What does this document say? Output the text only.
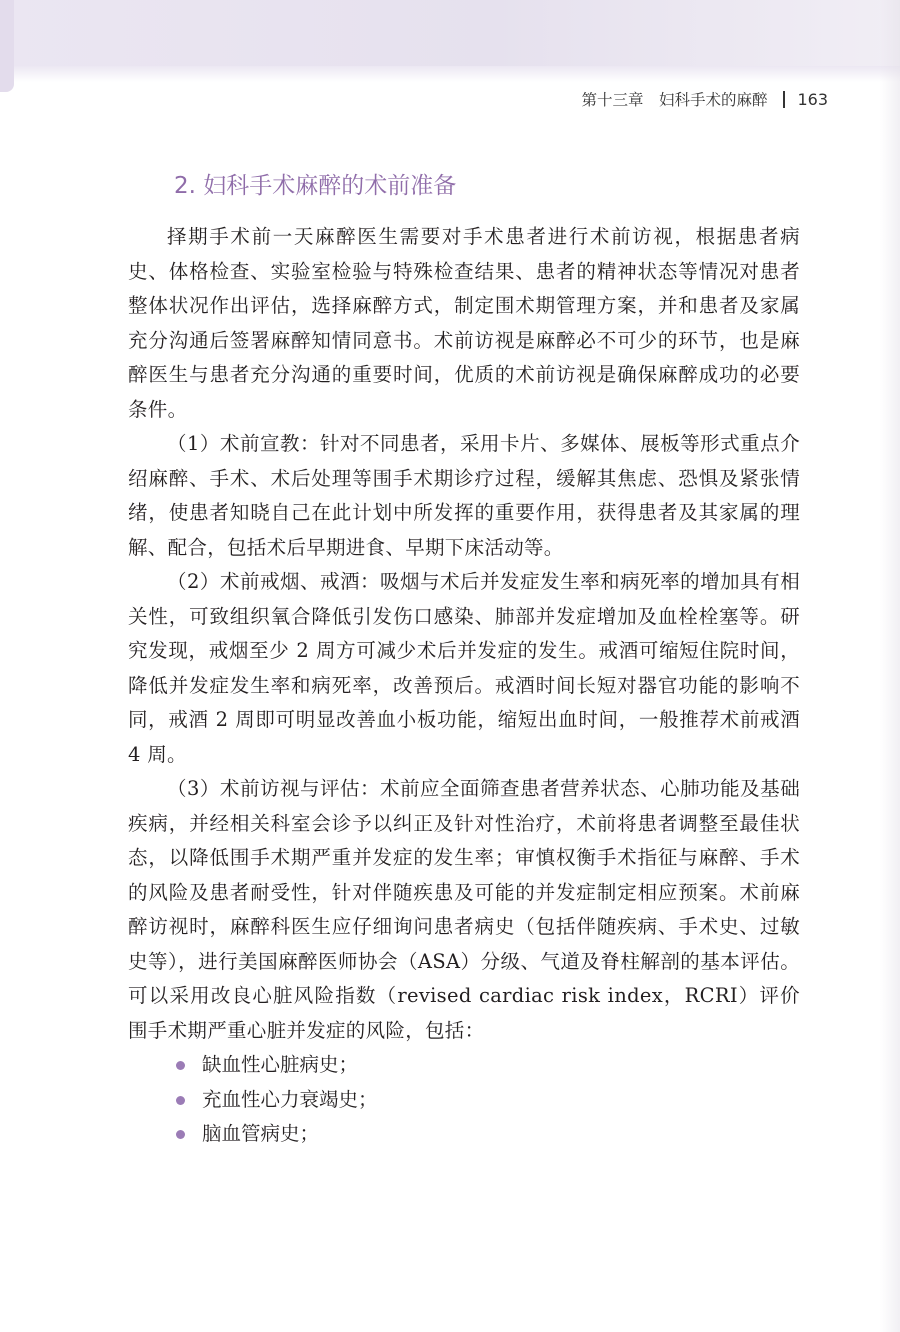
第十三章　妇科手术的麻醉 163
2. 妇科手术麻醉的术前准备

择期手术前一天麻醉医生需要对手术患者进行术前访视，根据患者病史、体格检查、实验室检验与特殊检查结果、患者的精神状态等情况对患者整体状况作出评估，选择麻醉方式，制定围术期管理方案，并和患者及家属充分沟通后签署麻醉知情同意书。术前访视是麻醉必不可少的环节，也是麻醉医生与患者充分沟通的重要时间，优质的术前访视是确保麻醉成功的必要条件。

（1）术前宣教：针对不同患者，采用卡片、多媒体、展板等形式重点介绍麻醉、手术、术后处理等围手术期诊疗过程，缓解其焦虑、恐惧及紧张情绪，使患者知晓自己在此计划中所发挥的重要作用，获得患者及其家属的理解、配合，包括术后早期进食、早期下床活动等。

（2）术前戒烟、戒酒：吸烟与术后并发症发生率和病死率的增加具有相关性，可致组织氧合降低引发伤口感染、肺部并发症增加及血栓栓塞等。研究发现，戒烟至少 2 周方可减少术后并发症的发生。戒酒可缩短住院时间，降低并发症发生率和病死率，改善预后。戒酒时间长短对器官功能的影响不同，戒酒 2 周即可明显改善血小板功能，缩短出血时间，一般推荐术前戒酒 4 周。

（3）术前访视与评估：术前应全面筛查患者营养状态、心肺功能及基础疾病，并经相关科室会诊予以纠正及针对性治疗，术前将患者调整至最佳状态，以降低围手术期严重并发症的发生率；审慎权衡手术指征与麻醉、手术的风险及患者耐受性，针对伴随疾患及可能的并发症制定相应预案。术前麻醉访视时，麻醉科医生应仔细询问患者病史（包括伴随疾病、手术史、过敏史等），进行美国麻醉医师协会（ASA）分级、气道及脊柱解剖的基本评估。可以采用改良心脏风险指数（revised cardiac risk index，RCRI）评价围手术期严重心脏并发症的风险，包括：

缺血性心脏病史；
充血性心力衰竭史；
脑血管病史；
